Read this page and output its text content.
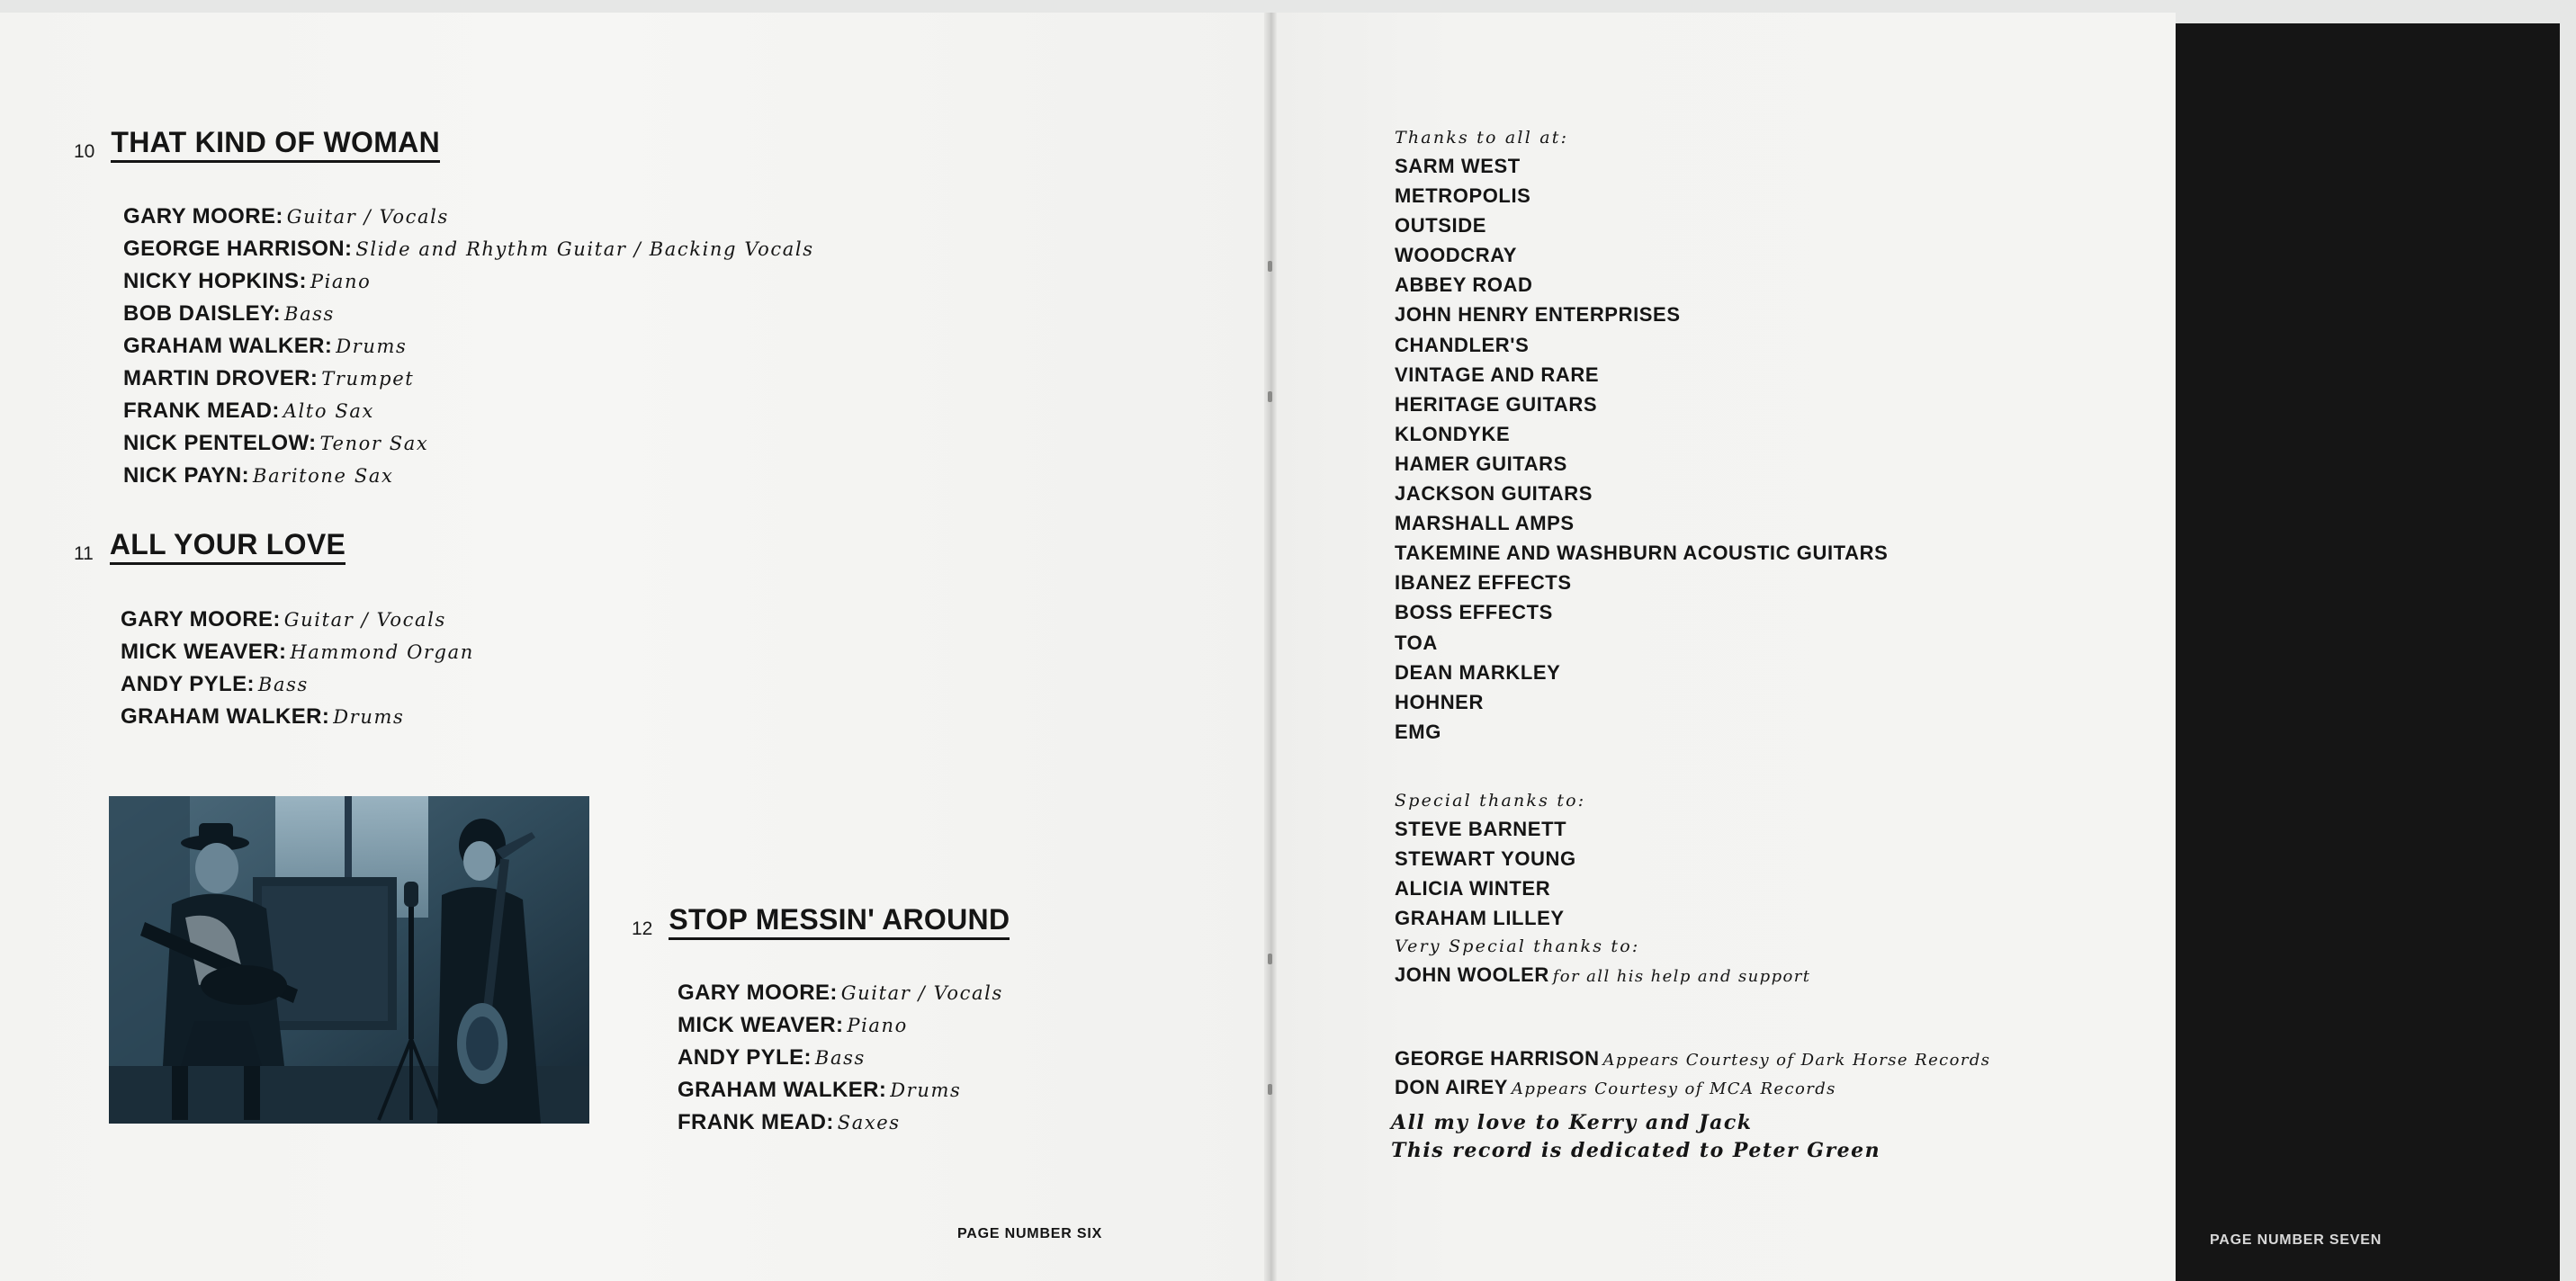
10 THAT KIND OF WOMAN
GARY MOORE: Guitar / Vocals
GEORGE HARRISON: Slide and Rhythm Guitar / Backing Vocals
NICKY HOPKINS: Piano
BOB DAISLEY: Bass
GRAHAM WALKER: Drums
MARTIN DROVER: Trumpet
FRANK MEAD: Alto Sax
NICK PENTELOW: Tenor Sax
NICK PAYN: Baritone Sax
11 ALL YOUR LOVE
GARY MOORE: Guitar / Vocals
MICK WEAVER: Hammond Organ
ANDY PYLE: Bass
GRAHAM WALKER: Drums
12 STOP MESSIN' AROUND
GARY MOORE: Guitar / Vocals
MICK WEAVER: Piano
ANDY PYLE: Bass
GRAHAM WALKER: Drums
FRANK MEAD: Saxes
PAGE NUMBER SIX
Thanks to all at:
SARM WEST
METROPOLIS
OUTSIDE
WOODCRAY
ABBEY ROAD
JOHN HENRY ENTERPRISES
CHANDLER'S
VINTAGE AND RARE
HERITAGE GUITARS
KLONDYKE
HAMER GUITARS
JACKSON GUITARS
MARSHALL AMPS
TAKEMINE AND WASHBURN ACOUSTIC GUITARS
IBANEZ EFFECTS
BOSS EFFECTS
TOA
DEAN MARKLEY
HOHNER
EMG
Special thanks to:
STEVE BARNETT
STEWART YOUNG
ALICIA WINTER
GRAHAM LILLEY
Very Special thanks to:
JOHN WOOLER for all his help and support
GEORGE HARRISON Appears Courtesy of Dark Horse Records
DON AIREY Appears Courtesy of MCA Records
All my love to Kerry and Jack
This record is dedicated to Peter Green
PAGE NUMBER SEVEN
